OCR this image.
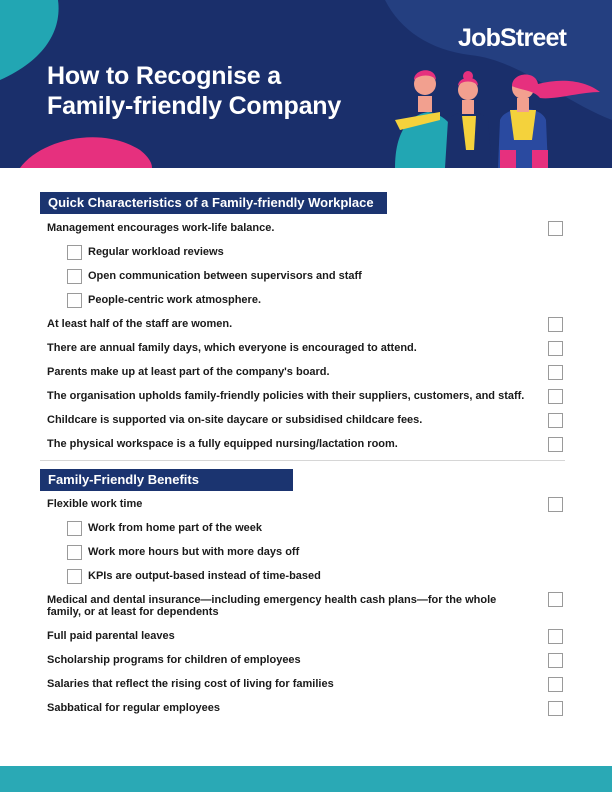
JobStreet
How to Recognise a
Family-friendly Company
Quick Characteristics of a Family-friendly Workplace
Management encourages work-life balance.
Regular workload reviews
Open communication between supervisors and staff
People-centric work atmosphere.
At least half of the staff are women.
There are annual family days, which everyone is encouraged to attend.
Parents make up at least part of the company's board.
The organisation upholds family-friendly policies with their suppliers, customers, and staff.
Childcare is supported via on-site daycare or subsidised childcare fees.
The physical workspace is a fully equipped nursing/lactation room.
Family-Friendly Benefits
Flexible work time
Work from home part of the week
Work more hours but with more days off
KPIs are output-based instead of time-based
Medical and dental insurance—including emergency health cash plans—for the whole
family, or at least for dependents
Full paid parental leaves
Scholarship programs for children of employees
Salaries that reflect the rising cost of living for families
Sabbatical for regular employees
